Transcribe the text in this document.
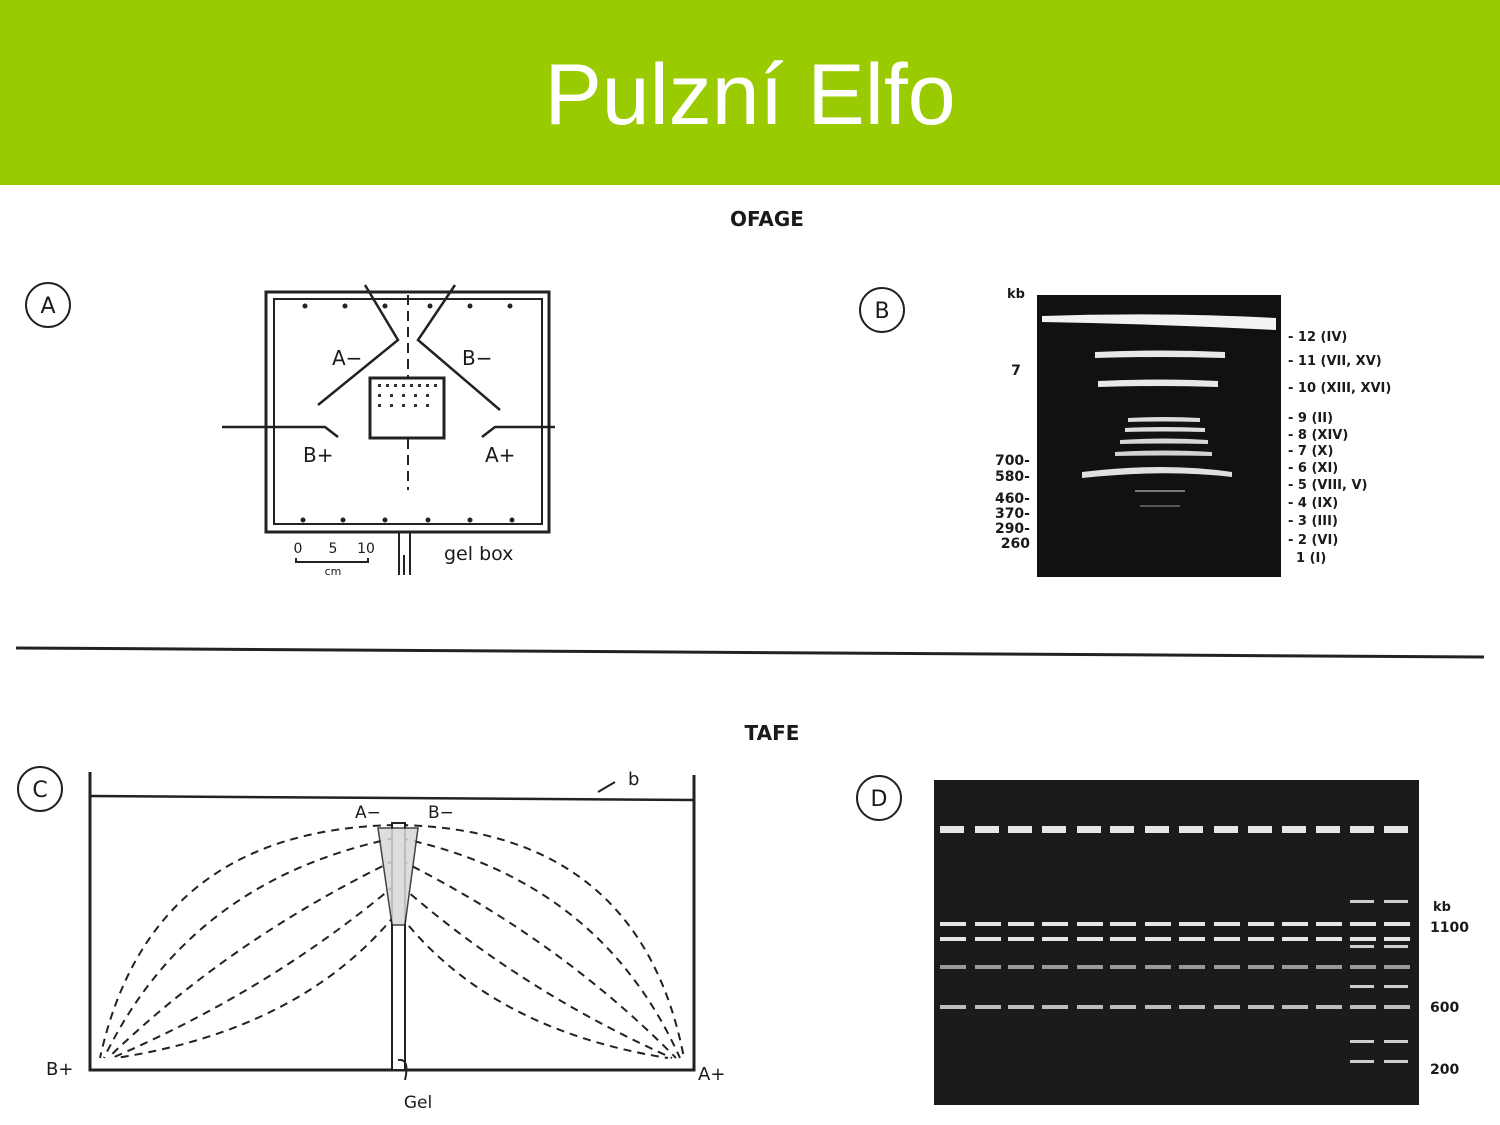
Pulzní Elfo
OFAGE
A
A−	B−
B+	A+
0 5 10
cm
gel box
B
kb
7
700-
580-
460-
370-
290-
260
- 12 (IV)
- 11 (VII, XV)
- 10 (XIII, XVI)
- 9 (II)
- 8 (XIV)
- 7 (X)
- 6 (XI)
- 5 (VIII, V)
- 4 (IX)
- 3 (III)
- 2 (VI)
1 (I)
TAFE
C	b
A−	B−
B+	A+
Gel
D
kb
1100
600
200
